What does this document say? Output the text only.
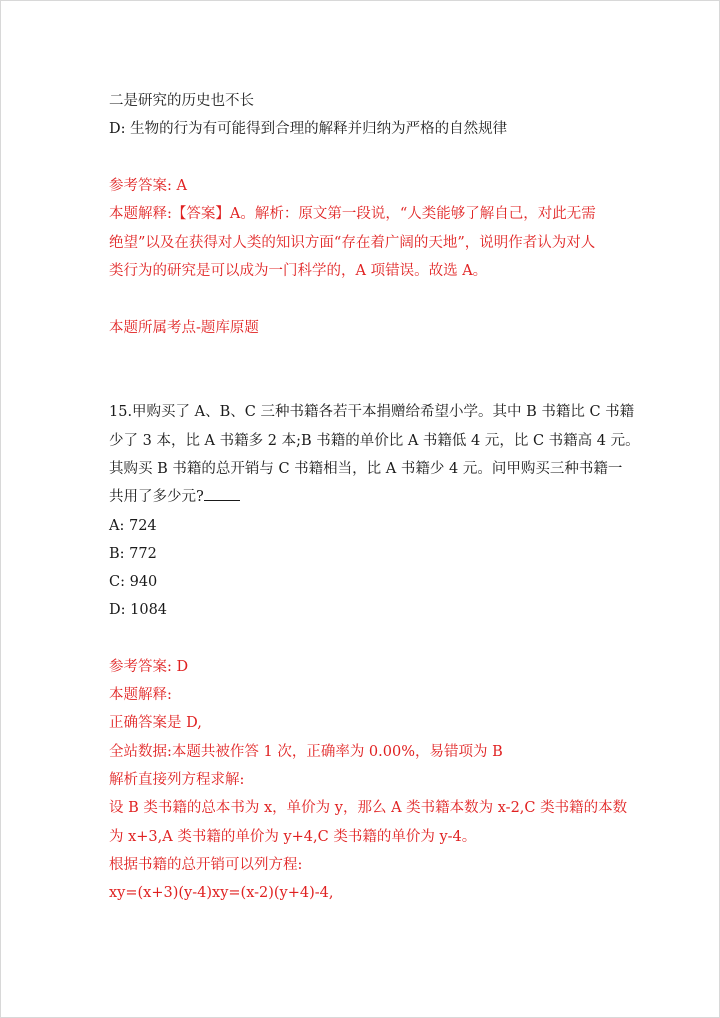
二是研究的历史也不长
D: 生物的行为有可能得到合理的解释并归纳为严格的自然规律
参考答案: A
本题解释:【答案】A。解析：原文第一段说，“人类能够了解自己，对此无需
绝望”以及在获得对人类的知识方面“存在着广阔的天地”，说明作者认为对人
类行为的研究是可以成为一门科学的，A 项错误。故选 A。
本题所属考点-题库原题
15.甲购买了 A、B、C 三种书籍各若干本捐赠给希望小学。其中 B 书籍比 C 书籍
少了 3 本，比 A 书籍多 2 本;B 书籍的单价比 A 书籍低 4 元，比 C 书籍高 4 元。
其购买 B 书籍的总开销与 C 书籍相当，比 A 书籍少 4 元。问甲购买三种书籍一
共用了多少元?
A: 724
B: 772
C: 940
D: 1084
参考答案: D
本题解释:
正确答案是 D,
全站数据:本题共被作答 1 次，正确率为 0.00%，易错项为 B
解析直接列方程求解:
设 B 类书籍的总本书为 x，单价为 y，那么 A 类书籍本数为 x-2,C 类书籍的本数
为 x+3,A 类书籍的单价为 y+4,C 类书籍的单价为 y-4。
根据书籍的总开销可以列方程:
xy=(x+3)(y-4)xy=(x-2)(y+4)-4,
